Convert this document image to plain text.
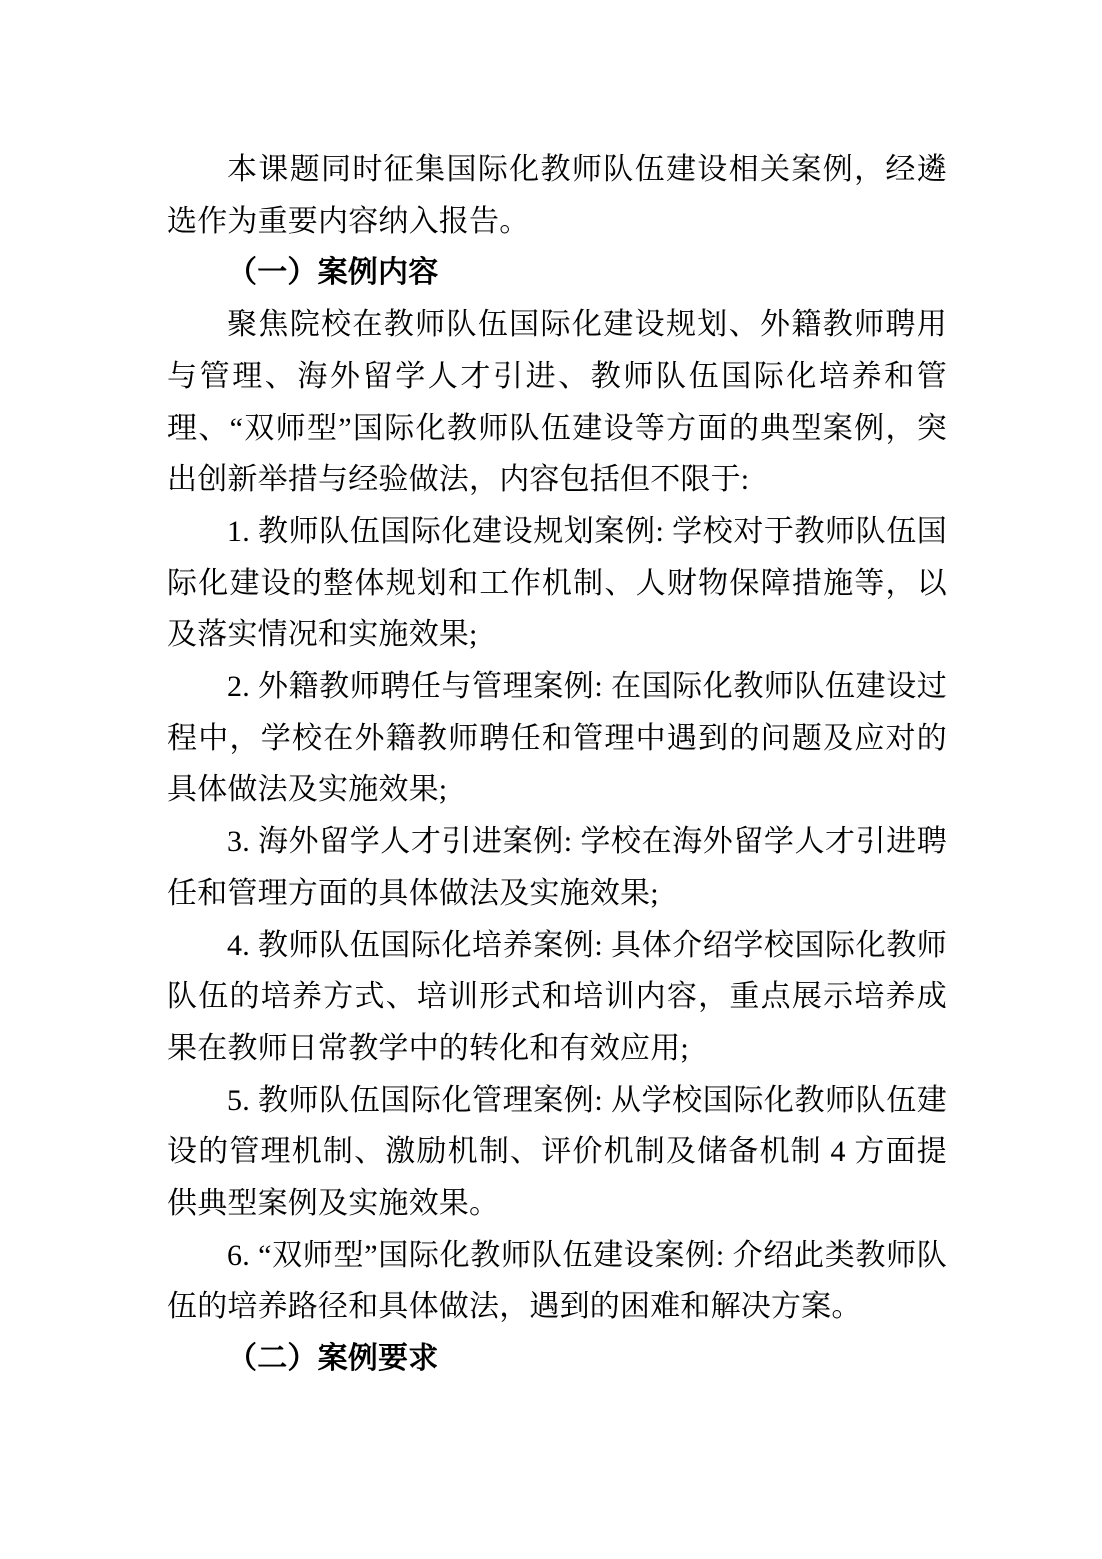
本课题同时征集国际化教师队伍建设相关案例，经遴选作为重要内容纳入报告。

（一）案例内容

聚焦院校在教师队伍国际化建设规划、外籍教师聘用与管理、海外留学人才引进、教师队伍国际化培养和管理、“双师型”国际化教师队伍建设等方面的典型案例，突出创新举措与经验做法，内容包括但不限于:

1. 教师队伍国际化建设规划案例: 学校对于教师队伍国际化建设的整体规划和工作机制、人财物保障措施等，以及落实情况和实施效果;

2. 外籍教师聘任与管理案例: 在国际化教师队伍建设过程中，学校在外籍教师聘任和管理中遇到的问题及应对的具体做法及实施效果;

3. 海外留学人才引进案例: 学校在海外留学人才引进聘任和管理方面的具体做法及实施效果;

4. 教师队伍国际化培养案例: 具体介绍学校国际化教师队伍的培养方式、培训形式和培训内容，重点展示培养成果在教师日常教学中的转化和有效应用;

5. 教师队伍国际化管理案例: 从学校国际化教师队伍建设的管理机制、激励机制、评价机制及储备机制 4 方面提供典型案例及实施效果。

6. “双师型”国际化教师队伍建设案例: 介绍此类教师队伍的培养路径和具体做法，遇到的困难和解决方案。

（二）案例要求
